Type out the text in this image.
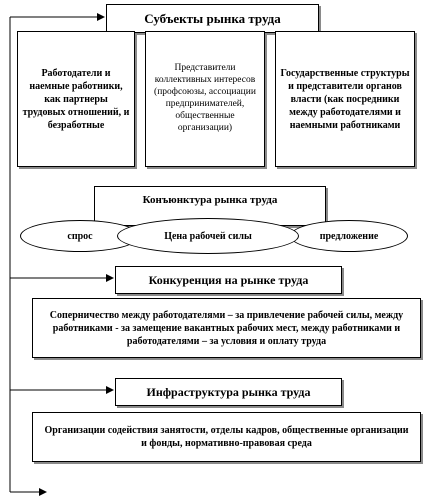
Субъекты рынка труда
Работодатели и наемные работники, как партнеры трудовых отношений, и безработные
Представители коллективных интересов (профсоюзы, ассоциации предпринимателей, общественные организации)
Государственные структуры и представители органов власти (как посредники между работодателями и наемными работниками
Конъюнктура рынка труда
спрос	предложение
Цена рабочей силы
Конкуренция на рынке труда
Соперничество между работодателями – за привлечение рабочей силы, между работниками - за замещение вакантных рабочих мест, между работниками и работодателями – за условия и оплату труда
Инфраструктура рынка труда
Организации содействия занятости, отделы кадров, общественные организации и фонды, нормативно-правовая среда
